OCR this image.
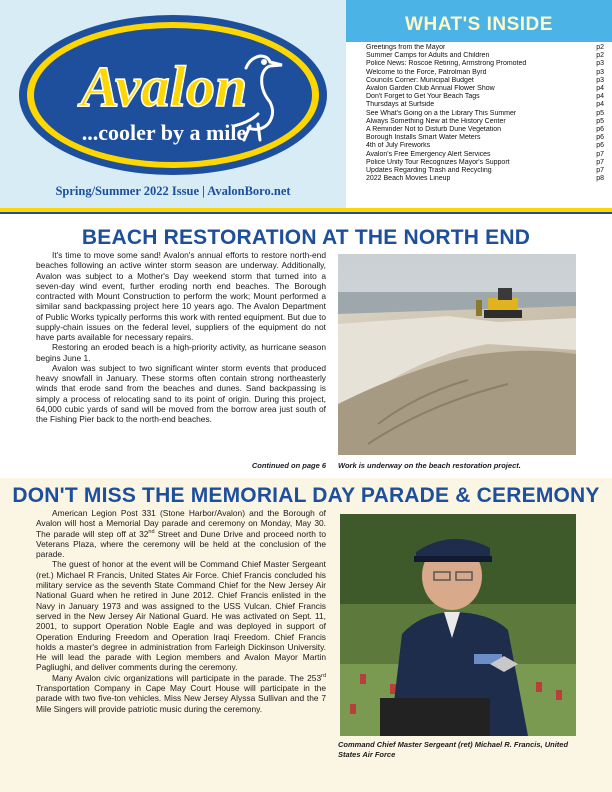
Avalon
...cooler by a mile
Spring/Summer 2022 Issue | AvalonBoro.net
WHAT'S INSIDE
Greetings from the Mayor	p2
Summer Camps for Adults and Children	p2
Police News: Roscoe Retiring, Armstrong Promoted	p3
Welcome to the Force, Patrolman Byrd	p3
Councils Corner: Municipal Budget	p3
Avalon Garden Club Annual Flower Show	p4
Don't Forget to Get Your Beach Tags	p4
Thursdays at Surfside	p4
See What's Going on a the Library This Summer	p5
Always Something New at the History Center	p5
A Reminder Not to Disturb Dune Vegetation	p6
Borough Installs Smart Water Meters	p6
4th of July Fireworks	p6
Avalon's Free Emergency Alert Services	p7
Police Unity Tour Recognizes Mayor's Support	p7
Updates Regarding Trash and Recycling	p7
2022 Beach Movies Lineup	p8
BEACH RESTORATION AT THE NORTH END

It's time to move some sand! Avalon's annual efforts to restore north-end beaches following an active winter storm season are underway. Additionally, Avalon was subject to a Mother's Day weekend storm that turned into a seven-day wind event, further eroding north end beaches. The Borough contracted with Mount Construction to perform the work; Mount performed a similar sand backpassing project here 10 years ago. The Avalon Department of Public Works typically performs this work with rented equipment. But due to supply-chain issues on the federal level, suppliers of the equipment do not have parts available for necessary repairs.

Restoring an eroded beach is a high-priority activity, as hurricane season begins June 1.

Avalon was subject to two significant winter storm events that produced heavy snowfall in January. These storms often contain strong northeasterly winds that erode sand from the beaches and dunes. Sand backpassing is simply a process of relocating sand to its point of origin. During this project, 64,000 cubic yards of sand will be moved from the borrow area just south of the Fishing Pier back to the north-end beaches.

Continued on page 6 Work is underway on the beach restoration project.
DON'T MISS THE MEMORIAL DAY PARADE & CEREMONY

American Legion Post 331 (Stone Harbor/Avalon) and the Borough of Avalon will host a Memorial Day parade and ceremony on Monday, May 30. The parade will step off at 32nd Street and Dune Drive and proceed north to Veterans Plaza, where the ceremony will be held at the conclusion of the parade.

The guest of honor at the event will be Command Chief Master Sergeant (ret.) Michael R Francis, United States Air Force. Chief Francis concluded his military service as the seventh State Command Chief for the New Jersey Air National Guard when he retired in June 2012. Chief Francis enlisted in the Navy in January 1973 and was assigned to the USS Vulcan. Chief Francis served in the New Jersey Air National Guard. He was activated on Sept. 11, 2001, to support Operation Noble Eagle and was deployed in support of Operation Enduring Freedom and Operation Iraqi Freedom. Chief Francis holds a master's degree in administration from Farleigh Dickinson University. He will lead the parade with Legion members and Avalon Mayor Martin Pagliughi, and deliver comments during the ceremony.

Many Avalon civic organizations will participate in the parade. The 253rd Transportation Company in Cape May Court House will participate in the parade with two five-ton vehicles. Miss New Jersey Alyssa Sullivan and the 7 Mile Singers will provide patriotic music during the ceremony.

Command Chief Master Sergeant (ret) Michael R. Francis, United States Air Force
